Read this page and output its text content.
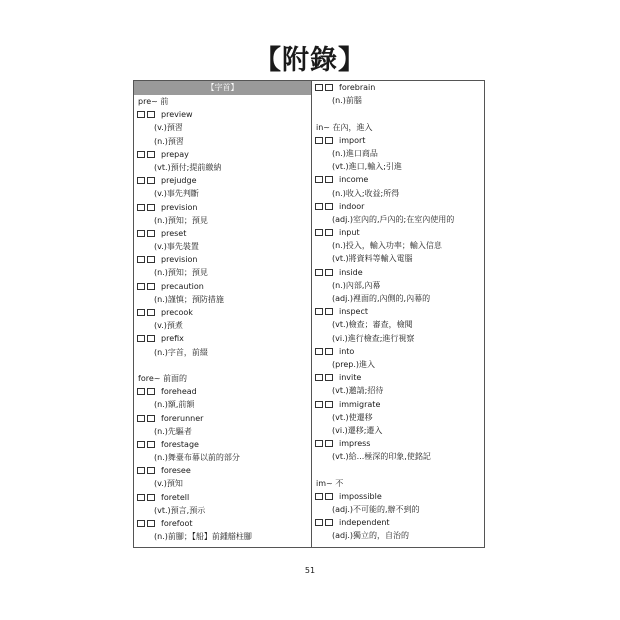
【附錄】
【字首】
pre~ 前
preview
(v.)預習
(n.)預習
prepay
(vt.)預付;提前繳納
prejudge
(v.)事先判斷
prevision
(n.)預知；預見
preset
(v.)事先裝置
prevision
(n.)預知；預見
precaution
(n.)謹慎；預防措施
precook
(v.)預煮
prefix
(n.)字首，前綴
fore~ 前面的
forehead
(n.)額,前額
forerunner
(n.)先驅者
forestage
(n.)舞臺布幕以前的部分
foresee
(v.)預知
foretell
(vt.)預言,預示
forefoot
(n.)前腳；【船】前鍾艏柱腳
forebrain
(n.)前腦
in~ 在內，進入
import
(n.)進口商品
(vt.)進口,輸入;引進
income
(n.)收入;收益;所得
indoor
(adj.)室內的,戶內的;在室內使用的
input
(n.)投入，輸入功率；輸入信息
(vt.)將資料等輸入電腦
inside
(n.)內部,內幕
(adj.)裡面的,內側的,內幕的
inspect
(vt.)檢查；審查，檢閱
(vi.)進行檢查;進行視察
into
(prep.)進入
invite
(vt.)邀請;招待
immigrate
(vt.)使遷移
(vi.)遷移;遷入
impress
(vt.)給...極深的印象,使銘記
im~ 不
impossible
(adj.)不可能的,辦不到的
independent
(adj.)獨立的，自治的
51
